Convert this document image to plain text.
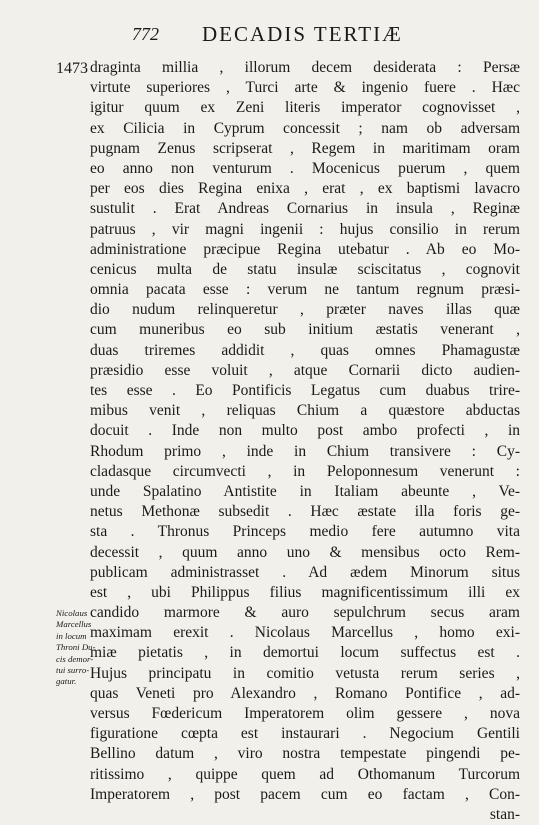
772 DECADIS TERTIÆ
1473 draginta millia , illorum decem desiderata : Persæ
virtute superiores , Turci arte & ingenio fuere . Hæc
igitur quum ex Zeni literis imperator cognovisset ,
ex Cilicia in Cyprum concessit ; nam ob adversam
pugnam Zenus scripserat , Regem in maritimam oram
eo anno non venturum . Mocenicus puerum , quem
per eos dies Regina enixa , erat , ex baptismi lavacro
sustulit . Erat Andreas Cornarius in insula , Reginæ
patruus , vir magni ingenii : hujus consilio in rerum
administratione præcipue Regina utebatur . Ab eo Mo-
cenicus multa de statu insulæ sciscitatus , cognovit
omnia pacata esse : verum ne tantum regnum præsi-
dio nudum relinqueretur , præter naves illas quæ
cum muneribus eo sub initium æstatis venerant ,
duas triremes addidit , quas omnes Phamagustæ
præsidio esse voluit , atque Cornarii dicto audien-
tes esse . Eo Pontificis Legatus cum duabus trire-
mibus venit , reliquas Chium a quæstore abductas
docuit . Inde non multo post ambo profecti , in
Rhodum primo , inde in Chium transivere : Cy-
cladasque circumvecti , in Peloponnesum venerunt :
unde Spalatino Antistite in Italiam abeunte , Ve-
netus Methonæ subsedit . Hæc æstate illa foris ge-
sta . Thronus Princeps medio fere autumno vita
decessit , quum anno uno & mensibus octo Rem-
publicam administrasset . Ad ædem Minorum situs
est , ubi Philippus filius magnificentissimum illi ex
candido marmore & auro sepulchrum secus aram
maximam erexit . Nicolaus Marcellus , homo exi-
miæ pietatis , in demortui locum suffectus est .
Hujus principatu in comitio vetusta rerum series ,
quas Veneti pro Alexandro , Romano Pontifice , ad-
versus Fœdericum Imperatorem olim gessere , nova
figuratione cœpta est instaurari . Negocium Gentili
Bellino datum , viro nostra tempestate pingendi pe-
ritissimo , quippe quem ad Othomanum Turcorum
Imperatorem , post pacem cum eo factam , Con-
stan-
Nicolaus
Marcellus
in locum
Throni Du-
cis demor-
tui surro-
gatur.
